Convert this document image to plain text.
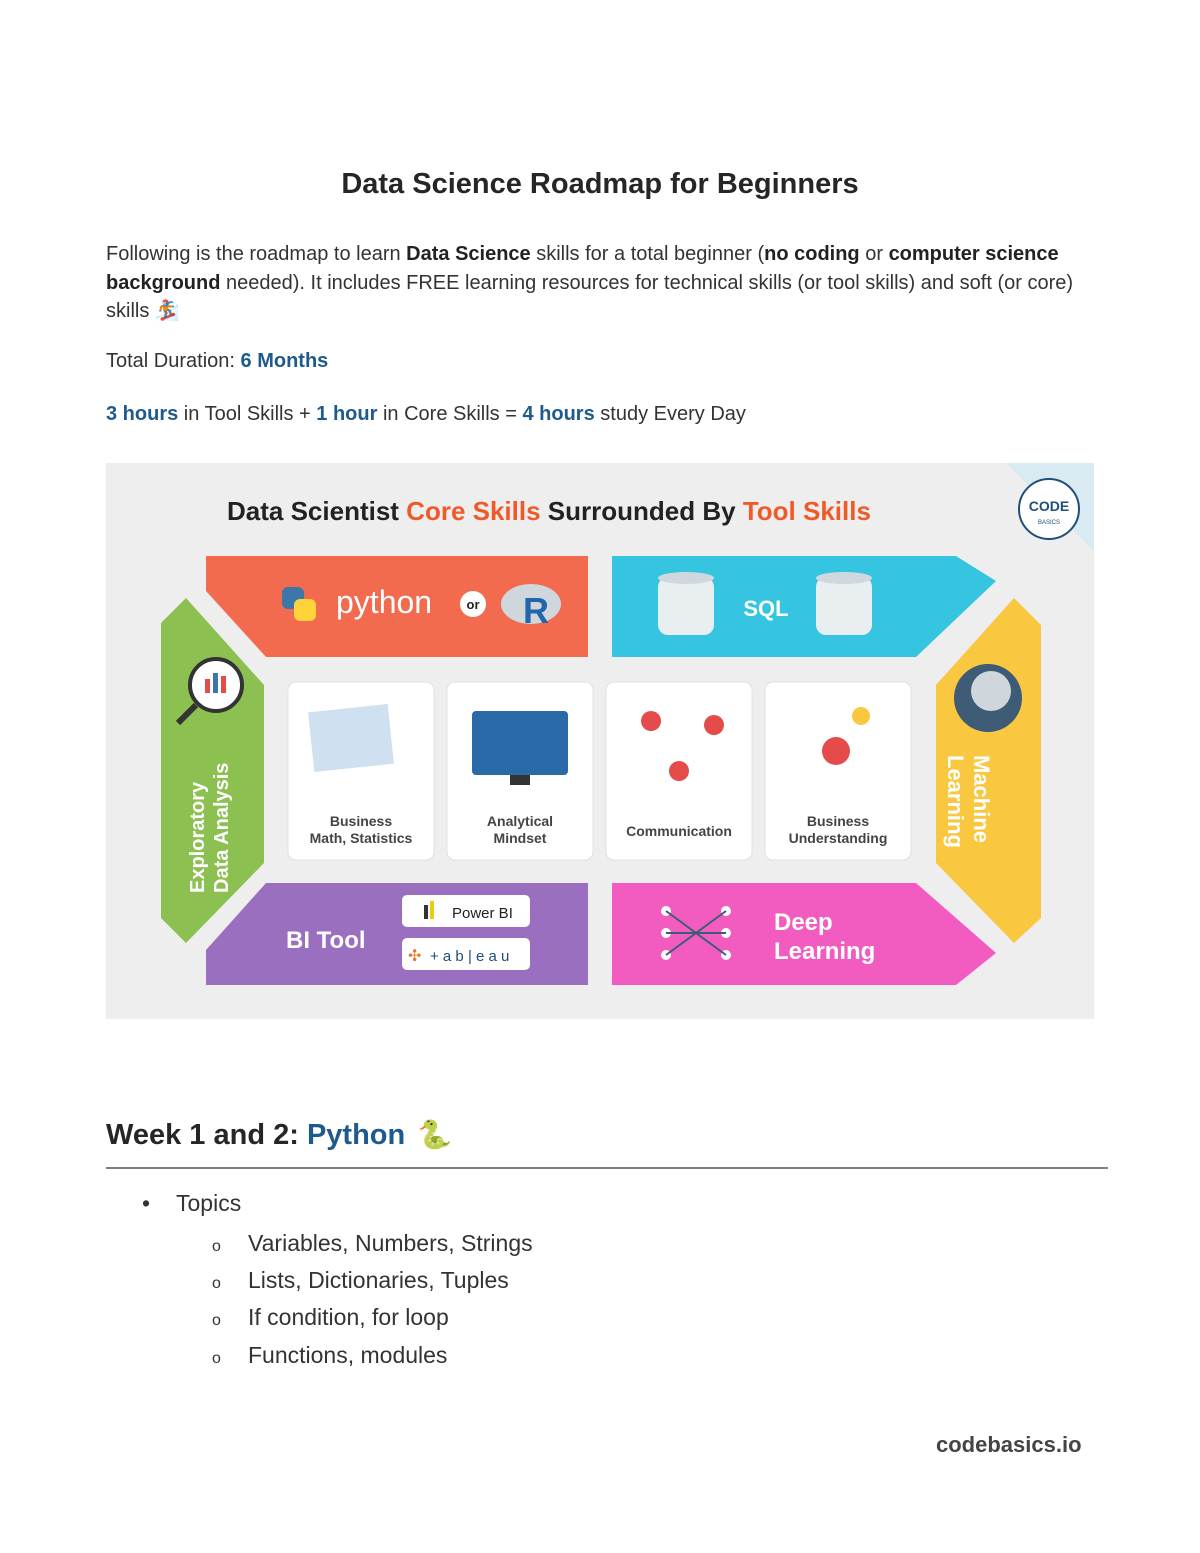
Data Science Roadmap for Beginners
Following is the roadmap to learn Data Science skills for a total beginner (no coding or computer science background needed). It includes FREE learning resources for technical skills (or tool skills) and soft (or core) skills 🏂
Total Duration: 6 Months
3 hours in Tool Skills + 1 hour in Core Skills = 4 hours study Every Day
Data Scientist Core Skills Surrounded By Tool Skills	CODE
BASICS
python	or R	SQL
Exploratory Data Analysis	Machine
Learning
BI Tool
Power BI
✣ + a b | e a u
Deep
Learning
Business
Math, Statistics
Analytical
Mindset	Communication
Business
Understanding
Week 1 and 2: Python 🐍
• Topics
o Variables, Numbers, Strings
o Lists, Dictionaries, Tuples
o If condition, for loop
o Functions, modules
codebasics.io
